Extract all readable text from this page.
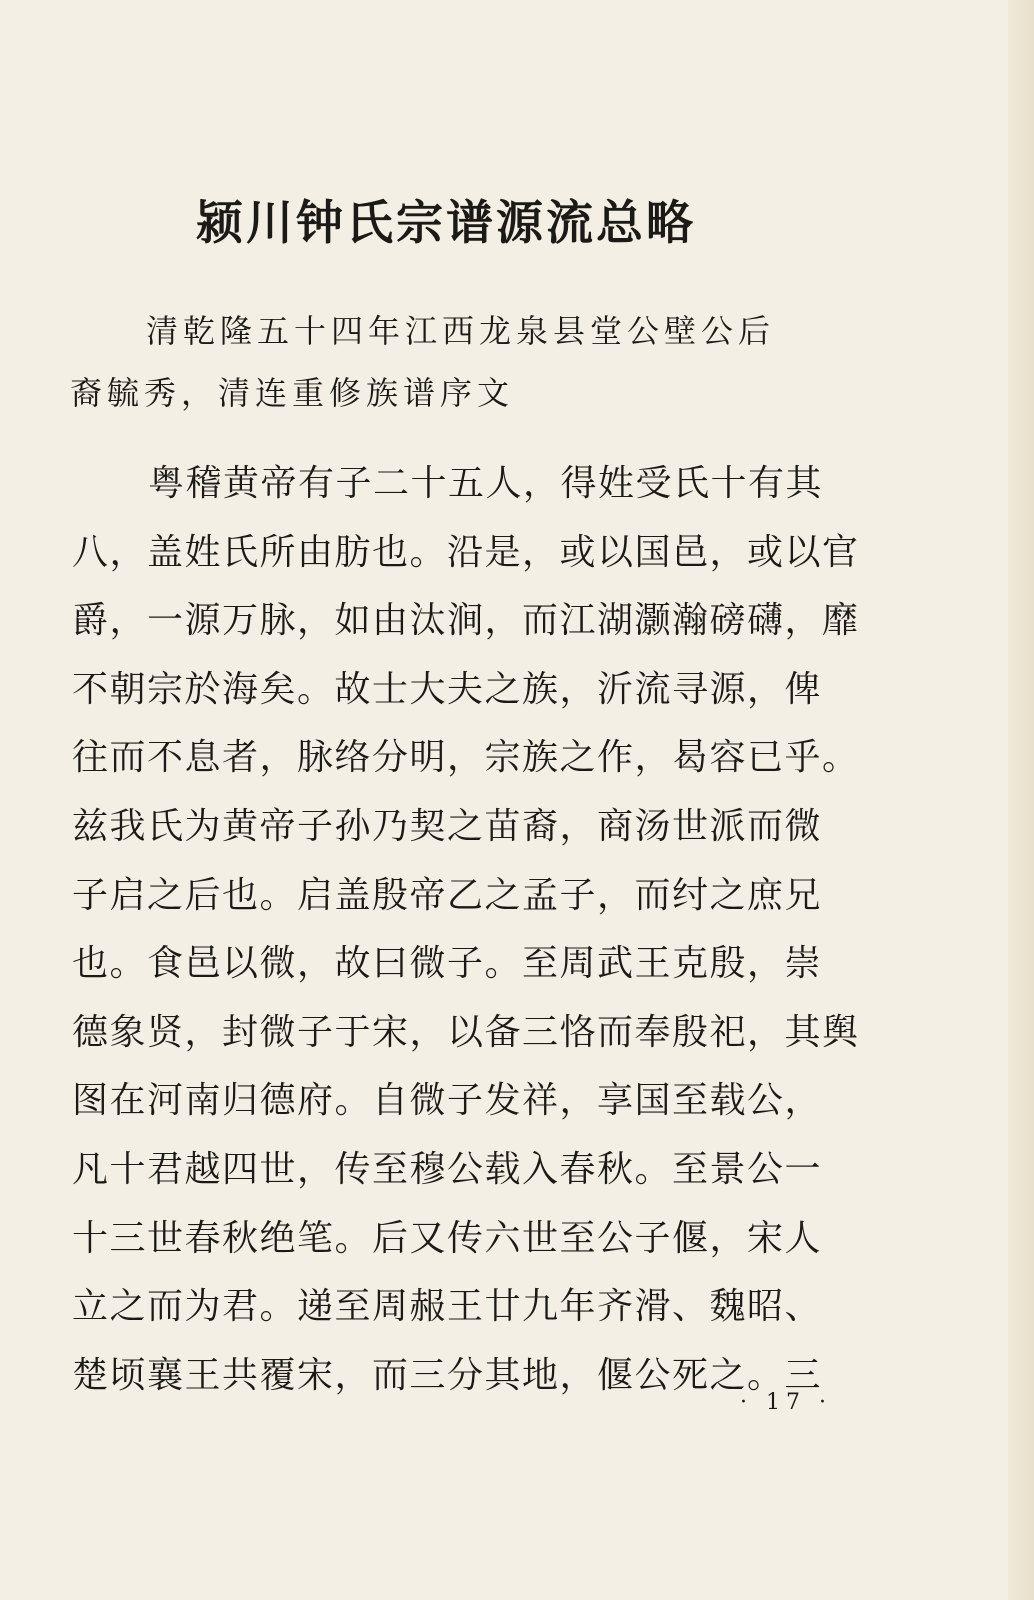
颍川钟氏宗谱源流总略
清乾隆五十四年江西龙泉县堂公壁公后
裔毓秀，清连重修族谱序文
粤稽黄帝有子二十五人，得姓受氏十有其
八，盖姓氏所由肪也。沿是，或以国邑，或以官
爵，一源万脉，如由汰涧，而江湖灏瀚磅礴，靡
不朝宗於海矣。故士大夫之族，沂流寻源，俾
往而不息者，脉络分明，宗族之作，曷容已乎。
兹我氏为黄帝子孙乃契之苗裔，商汤世派而微
子启之后也。启盖殷帝乙之孟子，而纣之庶兄
也。食邑以微，故曰微子。至周武王克殷，崇
德象贤，封微子于宋，以备三恪而奉殷祀，其舆
图在河南归德府。自微子发祥，享国至载公，
凡十君越四世，传至穆公载入春秋。至景公一
十三世春秋绝笔。后又传六世至公子偃，宋人
立之而为君。递至周赧王廿九年齐滑、魏昭、
楚顷襄王共覆宋，而三分其地，偃公死之。三
· 17 ·
